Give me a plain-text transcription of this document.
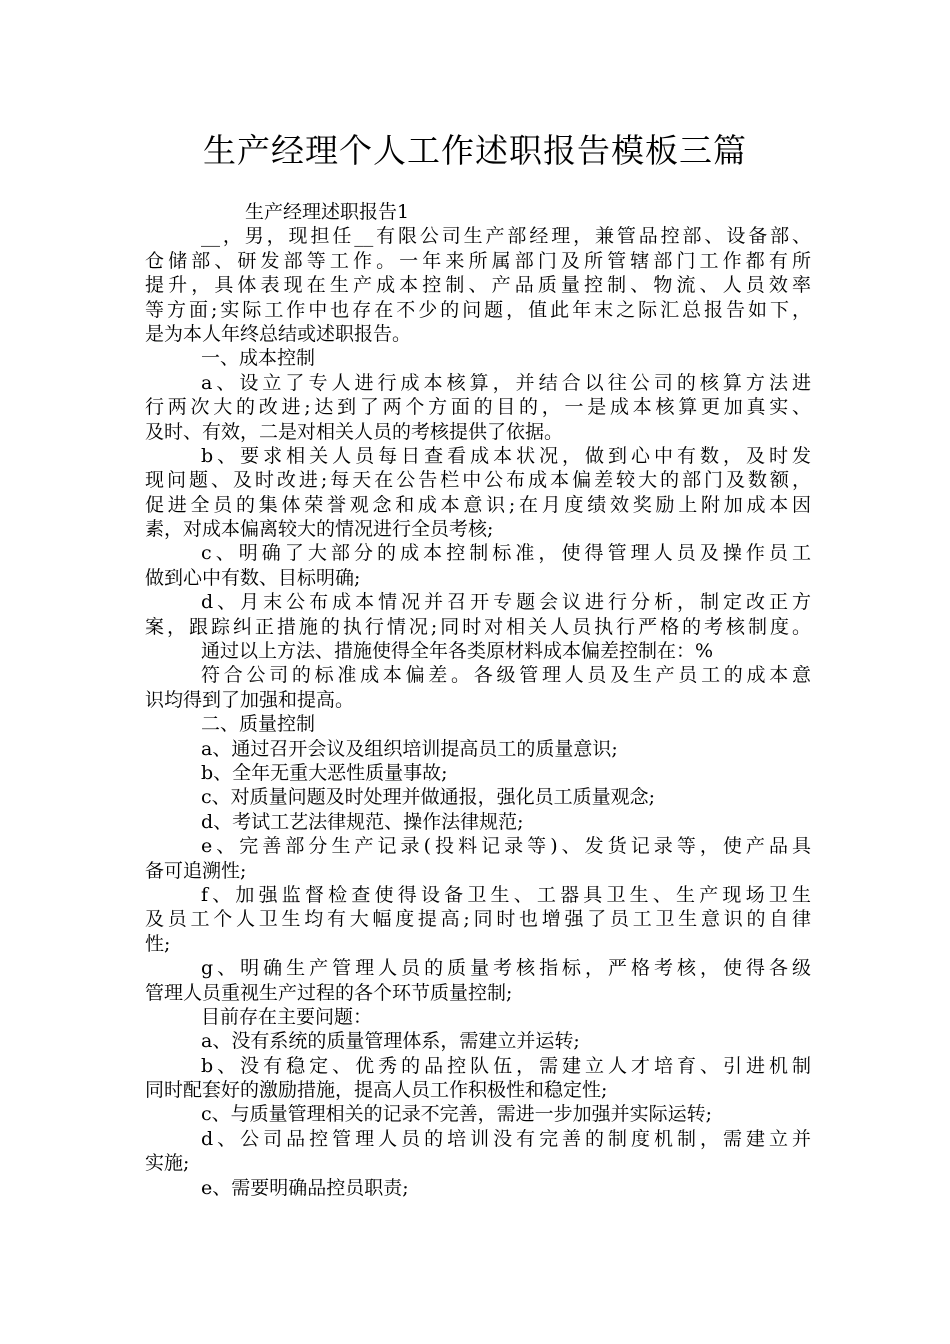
生产经理个人工作述职报告模板三篇
生产经理述职报告1
__，男，现担任__有限公司生产部经理，兼管品控部、设备部、
仓储部、研发部等工作。一年来所属部门及所管辖部门工作都有所
提升，具体表现在生产成本控制、产品质量控制、物流、人员效率
等方面;实际工作中也存在不少的问题，值此年末之际汇总报告如下，
是为本人年终总结或述职报告。
一、成本控制
a、设立了专人进行成本核算，并结合以往公司的核算方法进
行两次大的改进;达到了两个方面的目的，一是成本核算更加真实、
及时、有效，二是对相关人员的考核提供了依据。
b、要求相关人员每日查看成本状况，做到心中有数，及时发
现问题、及时改进;每天在公告栏中公布成本偏差较大的部门及数额，
促进全员的集体荣誉观念和成本意识;在月度绩效奖励上附加成本因
素，对成本偏离较大的情况进行全员考核;
c、明确了大部分的成本控制标准，使得管理人员及操作员工
做到心中有数、目标明确;
d、月末公布成本情况并召开专题会议进行分析，制定改正方
案，跟踪纠正措施的执行情况;同时对相关人员执行严格的考核制度。
通过以上方法、措施使得全年各类原材料成本偏差控制在：%
符合公司的标准成本偏差。各级管理人员及生产员工的成本意
识均得到了加强和提高。
二、质量控制
a、通过召开会议及组织培训提高员工的质量意识;
b、全年无重大恶性质量事故;
c、对质量问题及时处理并做通报，强化员工质量观念;
d、考试工艺法律规范、操作法律规范;
e、完善部分生产记录(投料记录等)、发货记录等，使产品具
备可追溯性;
f、加强监督检查使得设备卫生、工器具卫生、生产现场卫生
及员工个人卫生均有大幅度提高;同时也增强了员工卫生意识的自律
性;
g、明确生产管理人员的质量考核指标，严格考核，使得各级
管理人员重视生产过程的各个环节质量控制;
目前存在主要问题：
a、没有系统的质量管理体系，需建立并运转;
b、没有稳定、优秀的品控队伍，需建立人才培育、引进机制
同时配套好的激励措施，提高人员工作积极性和稳定性;
c、与质量管理相关的记录不完善，需进一步加强并实际运转;
d、公司品控管理人员的培训没有完善的制度机制，需建立并
实施;
e、需要明确品控员职责;
